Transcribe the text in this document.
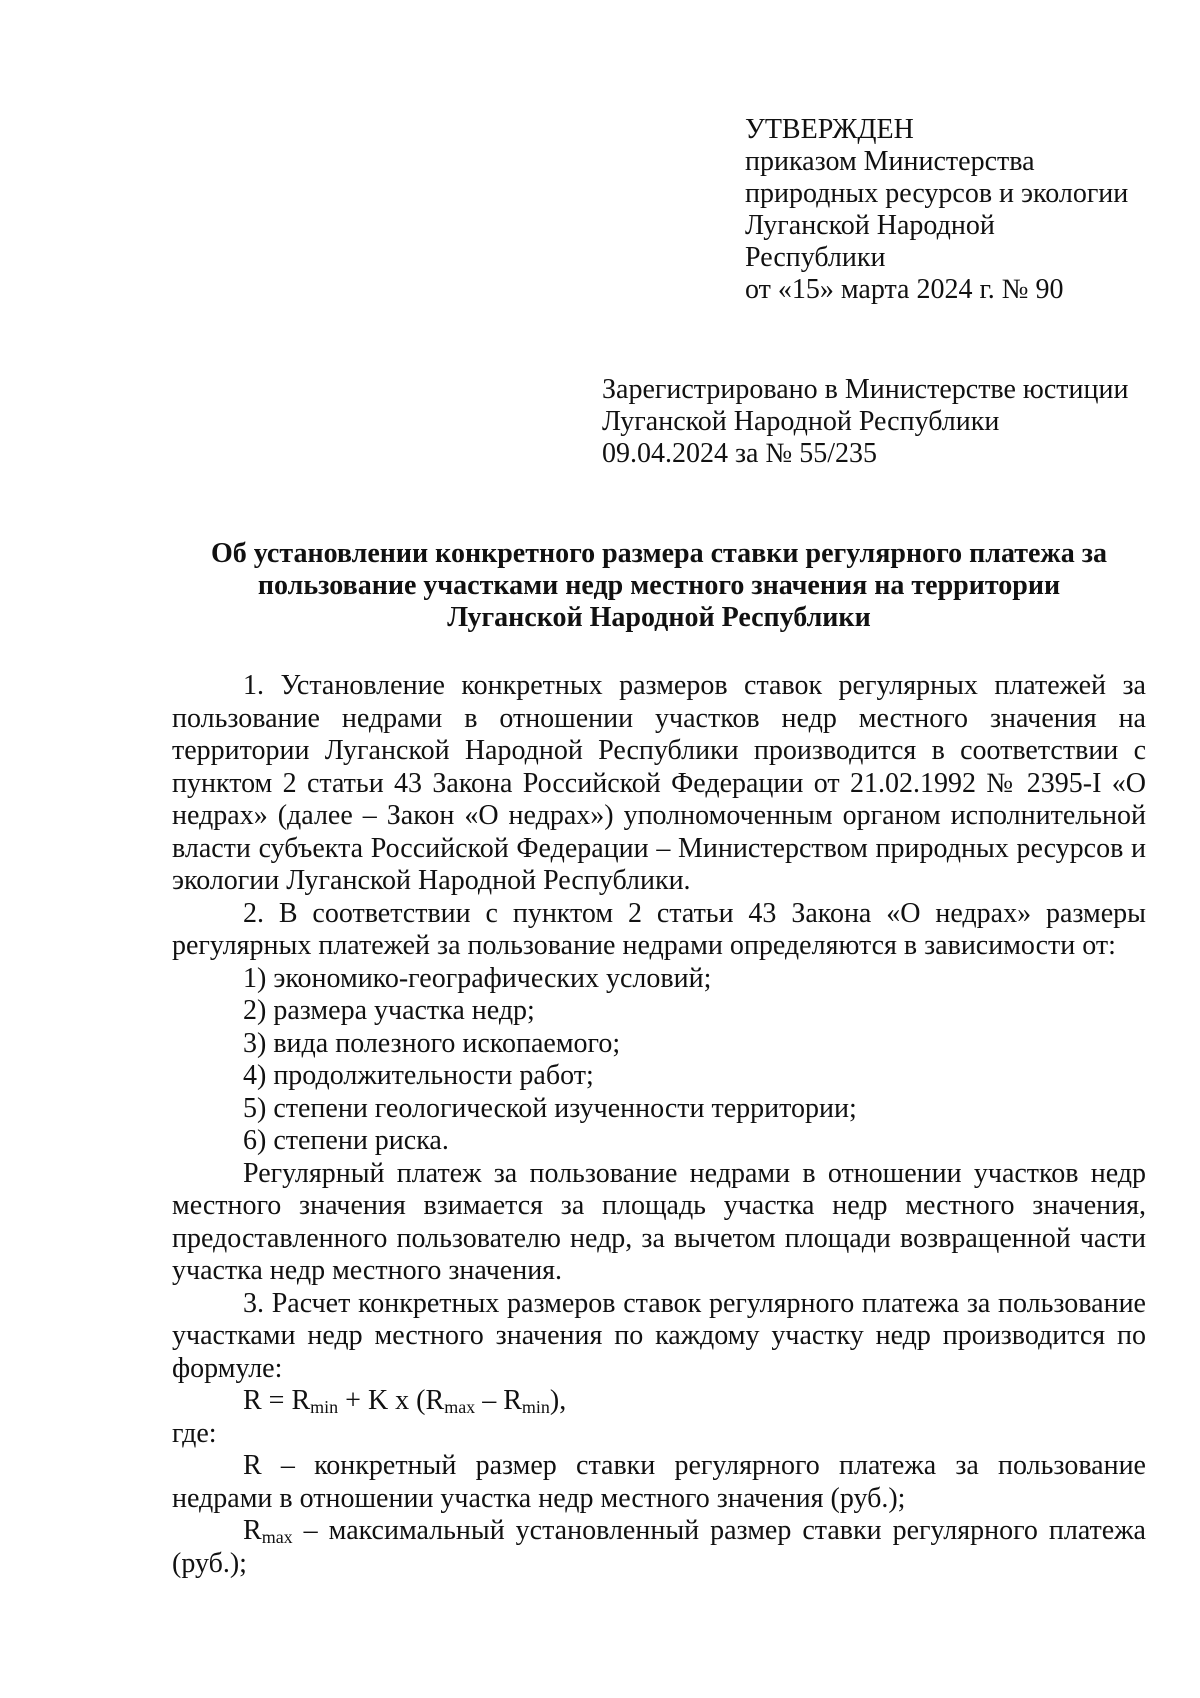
УТВЕРЖДЕН
приказом Министерства
природных ресурсов и экологии
Луганской Народной
Республики
от «15» марта 2024 г. № 90
Зарегистрировано в Министерстве юстиции
Луганской Народной Республики
09.04.2024 за № 55/235
Об установлении конкретного размера ставки регулярного платежа за
пользование участками недр местного значения на территории
Луганской Народной Республики

1. Установление конкретных размеров ставок регулярных платежей за пользование недрами в отношении участков недр местного значения на территории Луганской Народной Республики производится в соответствии с пунктом 2 статьи 43 Закона Российской Федерации от 21.02.1992 № 2395-I «О недрах» (далее – Закон «О недрах») уполномоченным органом исполнительной власти субъекта Российской Федерации – Министерством природных ресурсов и экологии Луганской Народной Республики.

2. В соответствии с пунктом 2 статьи 43 Закона «О недрах» размеры регулярных платежей за пользование недрами определяются в зависимости от:

1) экономико-географических условий;

2) размера участка недр;

3) вида полезного ископаемого;

4) продолжительности работ;

5) степени геологической изученности территории;

6) степени риска.

Регулярный платеж за пользование недрами в отношении участков недр местного значения взимается за площадь участка недр местного значения, предоставленного пользователю недр, за вычетом площади возвращенной части участка недр местного значения.

3. Расчет конкретных размеров ставок регулярного платежа за пользование участками недр местного значения по каждому участку недр производится по формуле:

$R = R_{min} + K$ x $(R_{max} - R_{min})$,

где:

R – конкретный размер ставки регулярного платежа за пользование недрами в отношении участка недр местного значения (руб.);

$R_{max}$ – максимальный установленный размер ставки регулярного платежа (руб.);
